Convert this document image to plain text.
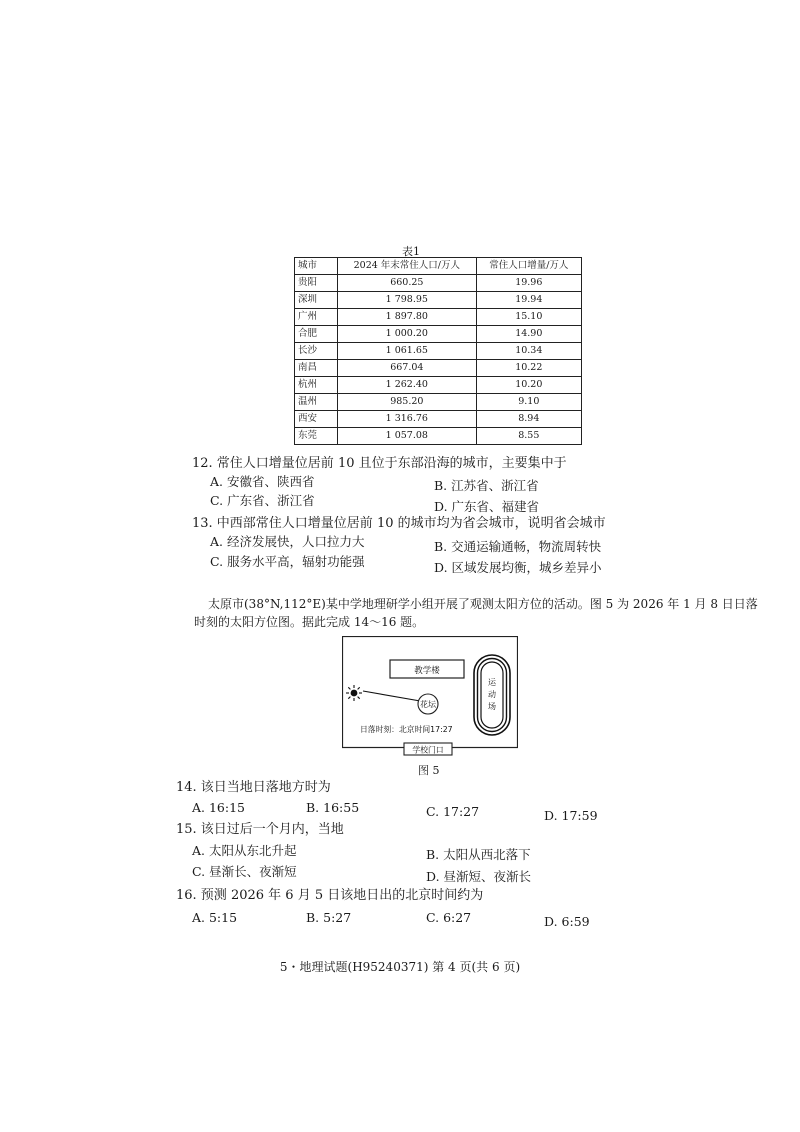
表1
城市	2024 年末常住人口/万人	常住人口增量/万人
贵阳	660.25	19.96
深圳	1 798.95	19.94
广州	1 897.80	15.10
合肥	1 000.20	14.90
长沙	1 061.65	10.34
南昌	667.04	10.22
杭州	1 262.40	10.20
温州	985.20	9.10
西安	1 316.76	8.94
东莞	1 057.08	8.55
12. 常住人口增量位居前 10 且位于东部沿海的城市，主要集中于
A. 安徽省、陕西省	B. 江苏省、浙江省
C. 广东省、浙江省	D. 广东省、福建省
13. 中西部常住人口增量位居前 10 的城市均为省会城市，说明省会城市
A. 经济发展快，人口拉力大	B. 交通运输通畅，物流周转快
C. 服务水平高，辐射功能强	D. 区域发展均衡，城乡差异小
太原市(38°N,112°E)某中学地理研学小组开展了观测太阳方位的活动。图 5 为 2026 年 1 月 8 日日落
时刻的太阳方位图。据此完成 14～16 题。
教学楼
花坛
运
动
场
日落时刻：北京时间17:27
学校门口
图 5
14. 该日当地日落地方时为
A. 16:15	B. 16:55	C. 17:27	D. 17:59
15. 该日过后一个月内，当地
A. 太阳从东北升起	B. 太阳从西北落下
C. 昼渐长、夜渐短	D. 昼渐短、夜渐长
16. 预测 2026 年 6 月 5 日该地日出的北京时间约为
A. 5:15	B. 5:27	C. 6:27	D. 6:59
5・地理试题(H95240371) 第 4 页(共 6 页)
